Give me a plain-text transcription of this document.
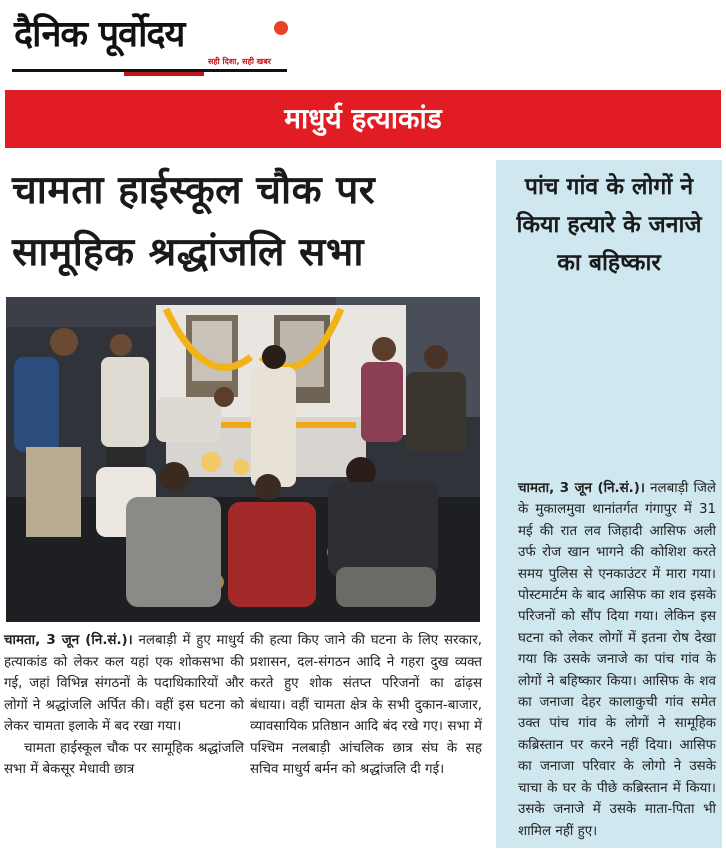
दैनिक पूर्वोदय
सही दिशा, सही खबर
माधुर्य हत्याकांड
चामता हाईस्कूल चौक पर
सामूहिक श्रद्धांजलि सभा

चामता, 3 जून (नि.सं.)। नलबाड़ी में हुए माधुर्य हत्याकांड को लेकर कल यहां एक शोकसभा की गई, जहां विभिन्न संगठनों के पदाधिकारियों और लोगों ने श्रद्धांजलि अर्पित की। वहीं इस घटना को लेकर चामता इलाके में बद रखा गया।

चामता हाईस्कूल चौक पर सामूहिक श्रद्धांजलि सभा में बेकसूर मेधावी छात्र

की हत्या किए जाने की घटना के लिए सरकार, प्रशासन, दल-संगठन आदि ने गहरा दुख व्यक्त करते हुए शोक संतप्त परिजनों का ढांढ़स बंधाया। वहीं चामता क्षेत्र के सभी दुकान-बाजार, व्यावसायिक प्रतिष्ठान आदि बंद रखे गए। सभा में पश्चिम नलबाड़ी आंचलिक छात्र संघ के सह सचिव माधुर्य बर्मन को श्रद्धांजलि दी गई।

पांच गांव के लोगों ने किया हत्यारे के जनाजे का बहिष्कार
चामता, 3 जून (नि.सं.)। नलबाड़ी जिले के मुकालमुवा थानांतर्गत गंगापुर में 31 मई की रात लव जिहादी आसिफ अली उर्फ रोज खान भागने की कोशिश करते समय पुलिस से एनकाउंटर में मारा गया। पोस्टमार्टम के बाद आसिफ का शव इसके परिजनों को सौंप दिया गया। लेकिन इस घटना को लेकर लोगों में इतना रोष देखा गया कि उसके जनाजे का पांच गांव के लोगों ने बहिष्कार किया। आसिफ के शव का जनाजा देहर कालाकुची गांव समेत उक्त पांच गांव के लोगों ने सामूहिक कब्रिस्तान पर करने नहीं दिया। आसिफ का जनाजा परिवार के लोगो ने उसके चाचा के घर के पीछे कब्रिस्तान में किया। उसके जनाजे में उसके माता-पिता भी शामिल नहीं हुए।
